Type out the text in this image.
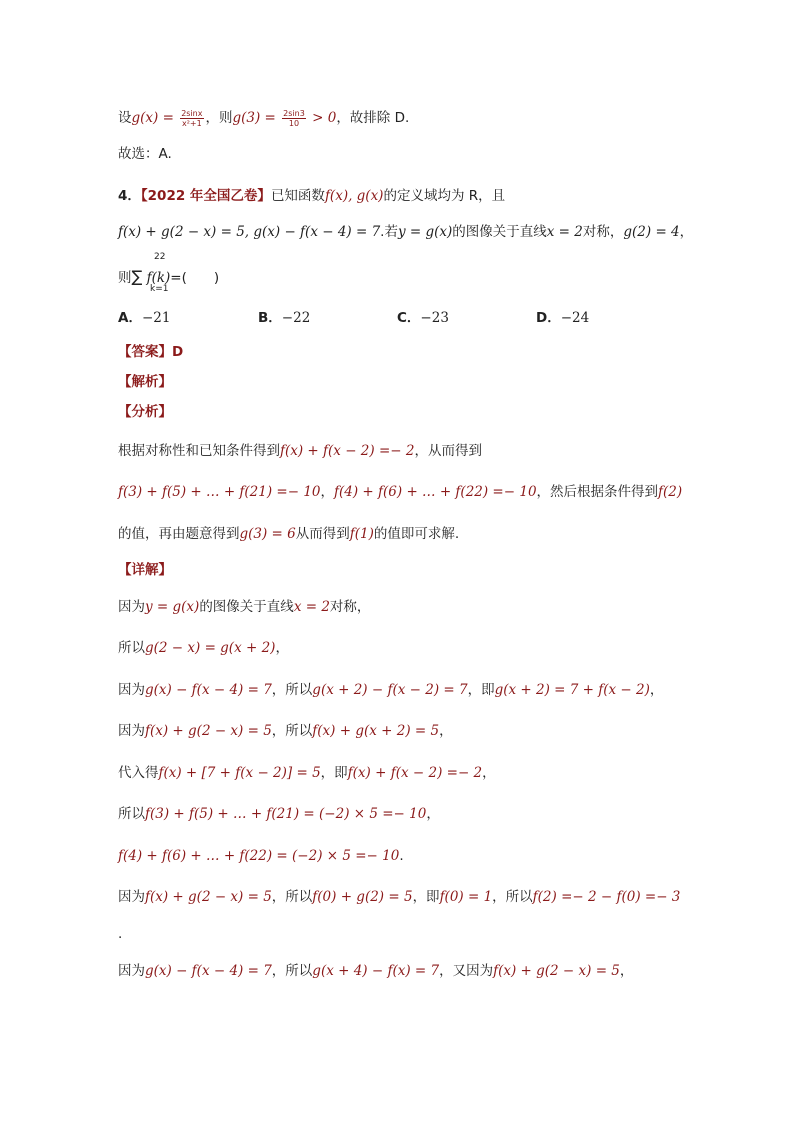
设$g(x) = \frac{2\sin x}{\text{x²+1}}$ ，则$g(3) = \frac{2\sin 3}{10} > 0$，故排除 D.
故选：A.
4．【2022 年全国乙卷】已知函数f(x), g(x)的定义域均为 R，且
f(x) + g(2 − x) = 5, g(x) − f(x − 4) = 7.若y = g(x)的图像关于直线x = 2对称，g(2) = 4，
22
则∑ f(k)=(　　)
k=1
A．−21	B．−22	C．−23	D．−24
【答案】D
【解析】
【分析】
根据对称性和已知条件得到f(x) + f(x − 2) =− 2，从而得到
f(3) + f(5) + … + f(21) =− 10，f(4) + f(6) + … + f(22) =− 10，然后根据条件得到f(2)
的值，再由题意得到g(3) = 6从而得到f(1)的值即可求解.
【详解】
因为y = g(x)的图像关于直线x = 2对称，
所以g(2 − x) = g(x + 2)，
因为g(x) − f(x − 4) = 7，所以g(x + 2) − f(x − 2) = 7，即g(x + 2) = 7 + f(x − 2)，
因为f(x) + g(2 − x) = 5，所以f(x) + g(x + 2) = 5，
代入得f(x) + [7 + f(x − 2)] = 5，即f(x) + f(x − 2) =− 2，
所以f(3) + f(5) + … + f(21) = (−2) × 5 =− 10，
f(4) + f(6) + … + f(22) = (−2) × 5 =− 10.
因为f(x) + g(2 − x) = 5，所以f(0) + g(2) = 5，即f(0) = 1，所以f(2) =− 2 − f(0) =− 3
.
因为g(x) − f(x − 4) = 7，所以g(x + 4) − f(x) = 7，又因为f(x) + g(2 − x) = 5，
